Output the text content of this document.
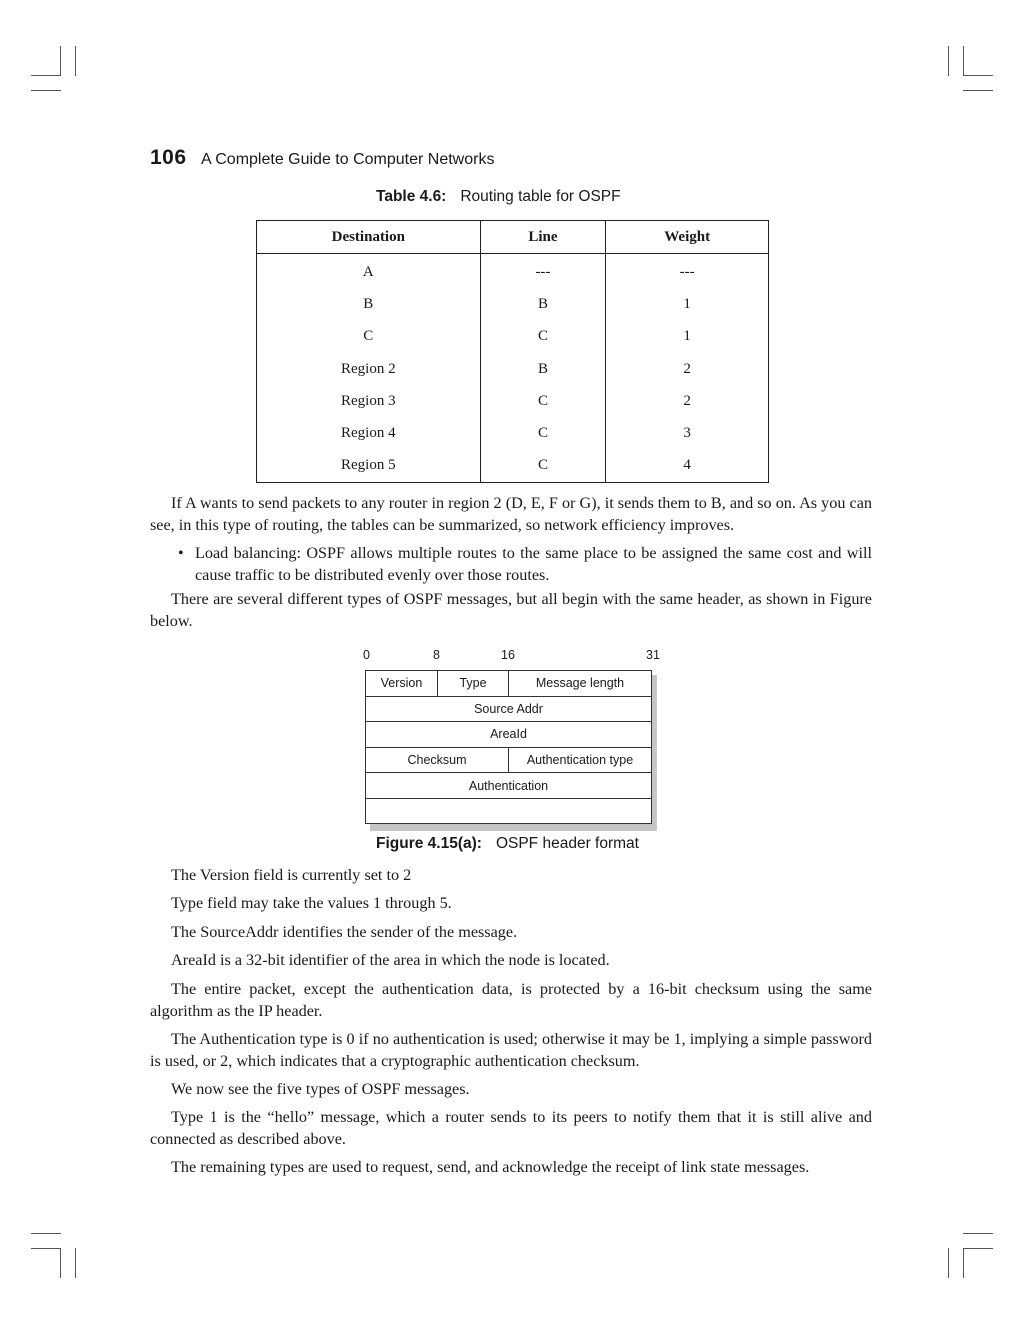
106 A Complete Guide to Computer Networks
Table 4.6: Routing table for OSPF
Destination	Line	Weight
A	---	---
B	B	1
C	C	1
Region 2	B	2
Region 3	C	2
Region 4	C	3
Region 5	C	4

If A wants to send packets to any router in region 2 (D, E, F or G), it sends them to B, and so on. As you can see, in this type of routing, the tables can be summarized, so network efficiency improves.

• Load balancing: OSPF allows multiple routes to the same place to be assigned the same cost and will cause traffic to be distributed evenly over those routes.

There are several different types of OSPF messages, but all begin with the same header, as shown in Figure below.

0	8	16	31
Version	Type	Message length
Source Addr
AreaId
Checksum	Authentication type
Authentication
Figure 4.15(a): OSPF header format

The Version field is currently set to 2

Type field may take the values 1 through 5.

The SourceAddr identifies the sender of the message.

AreaId is a 32-bit identifier of the area in which the node is located.

The entire packet, except the authentication data, is protected by a 16-bit checksum using the same algorithm as the IP header.

The Authentication type is 0 if no authentication is used; otherwise it may be 1, implying a simple password is used, or 2, which indicates that a cryptographic authentication checksum.

We now see the five types of OSPF messages.

Type 1 is the “hello” message, which a router sends to its peers to notify them that it is still alive and connected as described above.

The remaining types are used to request, send, and acknowledge the receipt of link state messages.
